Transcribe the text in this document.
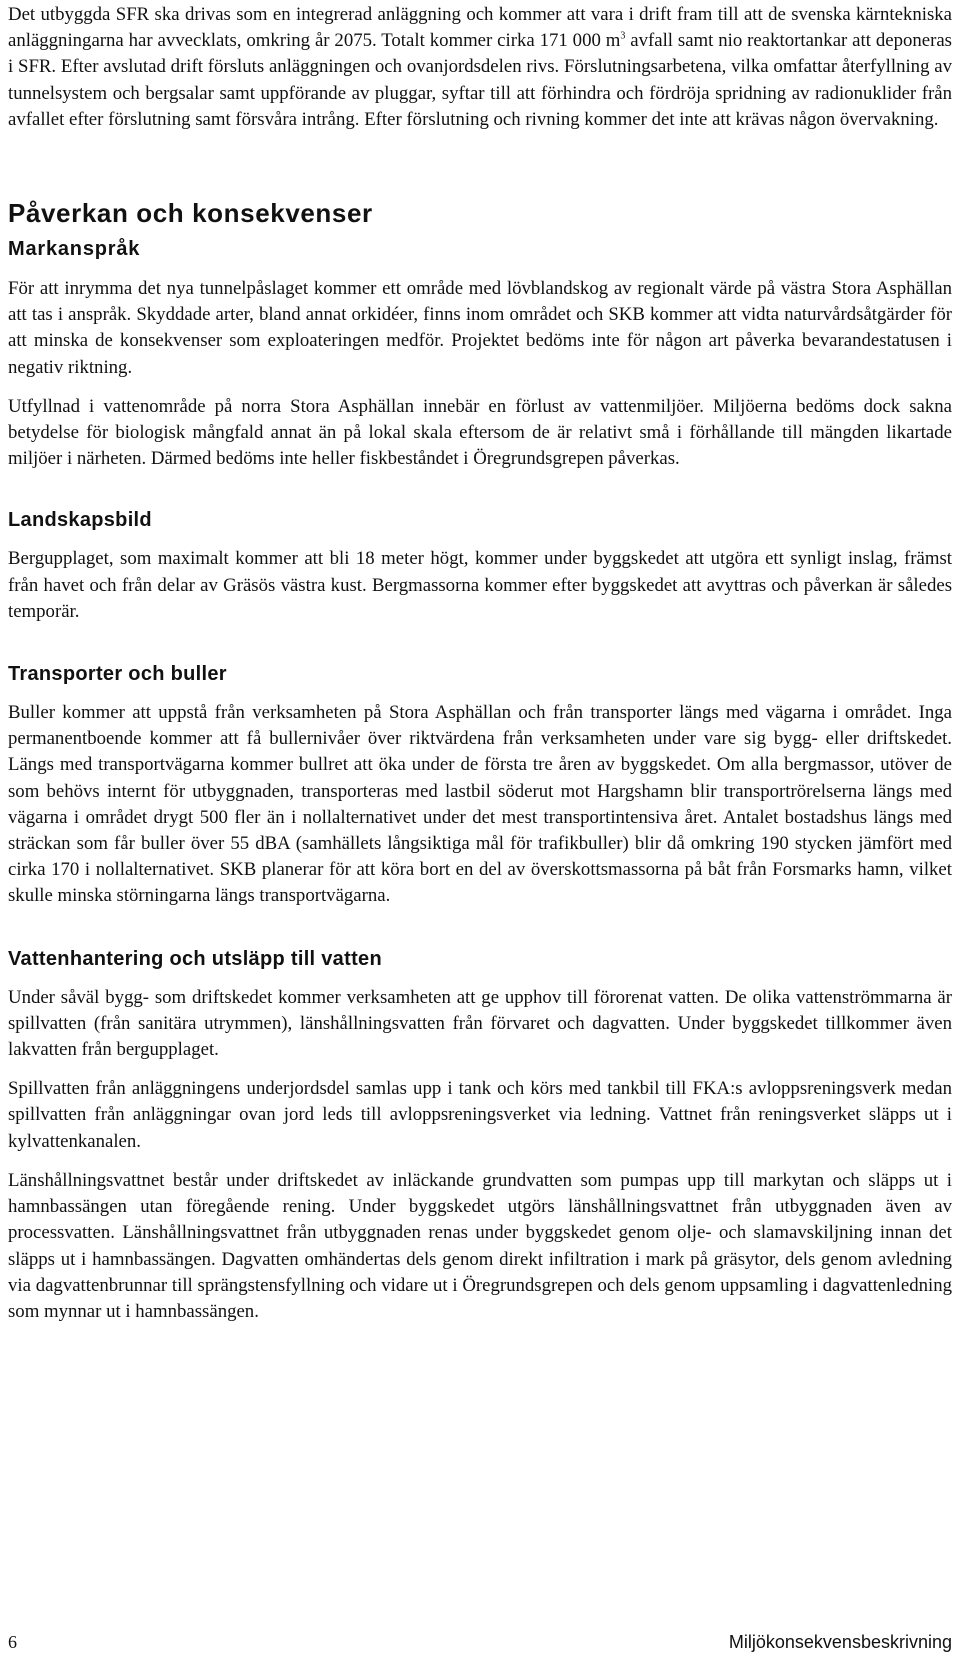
Det utbyggda SFR ska drivas som en integrerad anläggning och kommer att vara i drift fram till att de svenska kärntekniska anläggningarna har avvecklats, omkring år 2075. Totalt kommer cirka 171 000 $m^3$ avfall samt nio reaktortankar att deponeras i SFR. Efter avslutad drift försluts anläggningen och ovanjordsdelen rivs. Förslutningsarbetena, vilka omfattar återfyllning av tunnelsystem och bergsalar samt uppförande av pluggar, syftar till att förhindra och fördröja spridning av radionuklider från avfallet efter förslutning samt försvåra intrång. Efter förslutning och rivning kommer det inte att krävas någon övervakning.

Påverkan och konsekvenser
Markanspråk

För att inrymma det nya tunnelpåslaget kommer ett område med lövblandskog av regionalt värde på västra Stora Asphällan att tas i anspråk. Skyddade arter, bland annat orkidéer, finns inom området och SKB kommer att vidta naturvårdsåtgärder för att minska de konsekvenser som exploateringen medför. Projektet bedöms inte för någon art påverka bevarandestatusen i negativ riktning.

Utfyllnad i vattenområde på norra Stora Asphällan innebär en förlust av vattenmiljöer. Miljöerna bedöms dock sakna betydelse för biologisk mångfald annat än på lokal skala eftersom de är relativt små i förhållande till mängden likartade miljöer i närheten. Därmed bedöms inte heller fiskbeståndet i Öregrundsgrepen påverkas.

Landskapsbild

Bergupplaget, som maximalt kommer att bli 18 meter högt, kommer under byggskedet att utgöra ett synligt inslag, främst från havet och från delar av Gräsös västra kust. Bergmassorna kommer efter byggskedet att avyttras och påverkan är således temporär.

Transporter och buller

Buller kommer att uppstå från verksamheten på Stora Asphällan och från transporter längs med vägarna i området. Inga permanentboende kommer att få bullernivåer över riktvärdena från verksamheten under vare sig bygg- eller driftskedet. Längs med transportvägarna kommer bullret att öka under de första tre åren av byggskedet. Om alla bergmassor, utöver de som behövs internt för utbyggnaden, transporteras med lastbil söderut mot Hargshamn blir transportrörelserna längs med vägarna i området drygt 500 fler än i nollalternativet under det mest transportintensiva året. Antalet bostadshus längs med sträckan som får buller över 55 dBA (samhällets långsiktiga mål för trafikbuller) blir då omkring 190 stycken jämfört med cirka 170 i nollalternativet. SKB planerar för att köra bort en del av överskottsmassorna på båt från Forsmarks hamn, vilket skulle minska störningarna längs transportvägarna.

Vattenhantering och utsläpp till vatten

Under såväl bygg- som driftskedet kommer verksamheten att ge upphov till förorenat vatten. De olika vattenströmmarna är spillvatten (från sanitära utrymmen), länshållningsvatten från förvaret och dagvatten. Under byggskedet tillkommer även lakvatten från bergupplaget.

Spillvatten från anläggningens underjordsdel samlas upp i tank och körs med tankbil till FKA:s avloppsreningsverk medan spillvatten från anläggningar ovan jord leds till avloppsreningsverket via ledning. Vattnet från reningsverket släpps ut i kylvattenkanalen.

Länshållningsvattnet består under driftskedet av inläckande grundvatten som pumpas upp till markytan och släpps ut i hamnbassängen utan föregående rening. Under byggskedet utgörs länshållningsvattnet från utbyggnaden även av processvatten. Länshållningsvattnet från utbyggnaden renas under byggskedet genom olje- och slamavskiljning innan det släpps ut i hamnbassängen. Dagvatten omhändertas dels genom direkt infiltration i mark på gräsytor, dels genom avledning via dagvattenbrunnar till sprängstensfyllning och vidare ut i Öregrundsgrepen och dels genom uppsamling i dagvattenledning som mynnar ut i hamnbassängen.

6	Miljökonsekvensbeskrivning
